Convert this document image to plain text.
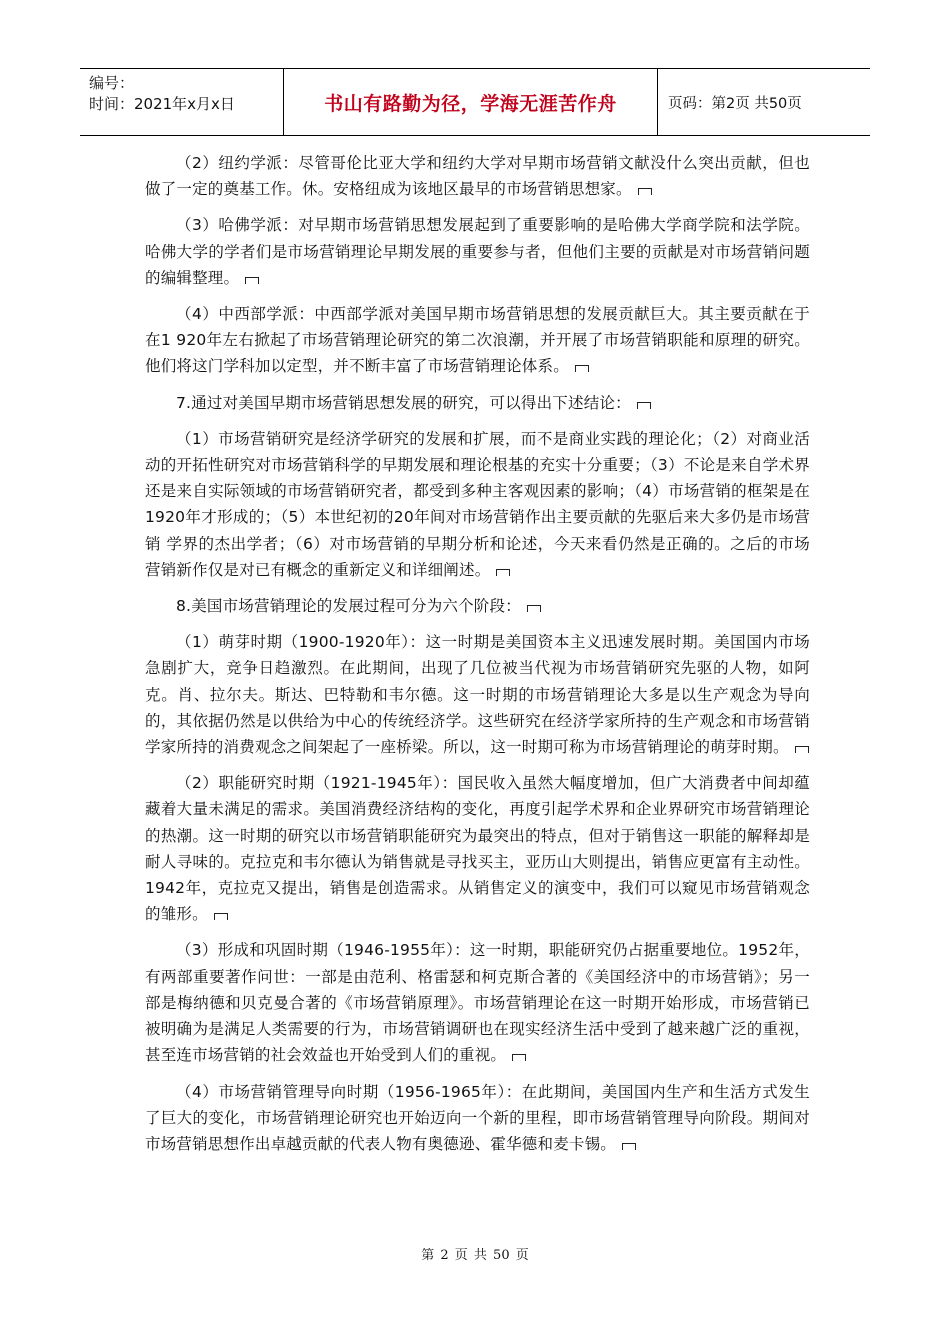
编号：
时间：2021年x月x日	书山有路勤为径，学海无涯苦作舟	页码：第2页 共50页

（2）纽约学派：尽管哥伦比亚大学和纽约大学对早期市场营销文献没什么突出贡献，但也做了一定的奠基工作。休。安格纽成为该地区最早的市场营销思想家。

（3）哈佛学派：对早期市场营销思想发展起到了重要影响的是哈佛大学商学院和法学院。哈佛大学的学者们是市场营销理论早期发展的重要参与者，但他们主要的贡献是对市场营销问题的编辑整理。

（4）中西部学派：中西部学派对美国早期市场营销思想的发展贡献巨大。其主要贡献在于在1 920年左右掀起了市场营销理论研究的第二次浪潮，并开展了市场营销职能和原理的研究。他们将这门学科加以定型，并不断丰富了市场营销理论体系。

7.通过对美国早期市场营销思想发展的研究，可以得出下述结论：

（1）市场营销研究是经济学研究的发展和扩展，而不是商业实践的理论化；（2）对商业活动的开拓性研究对市场营销科学的早期发展和理论根基的充实十分重要；（3）不论是来自学术界还是来自实际领域的市场营销研究者，都受到多种主客观因素的影响；（4）市场营销的框架是在1920年才形成的；（5）本世纪初的20年间对市场营销作出主要贡献的先驱后来大多仍是市场营销 学界的杰出学者；（6）对市场营销的早期分析和论述，今天来看仍然是正确的。之后的市场营销新作仅是对已有概念的重新定义和详细阐述。

8.美国市场营销理论的发展过程可分为六个阶段：

（1）萌芽时期（1900-1920年）：这一时期是美国资本主义迅速发展时期。美国国内市场急剧扩大，竞争日趋激烈。在此期间，出现了几位被当代视为市场营销研究先驱的人物，如阿克。肖、拉尔夫。斯达、巴特勒和韦尔德。这一时期的市场营销理论大多是以生产观念为导向的，其依据仍然是以供给为中心的传统经济学。这些研究在经济学家所持的生产观念和市场营销学家所持的消费观念之间架起了一座桥梁。所以，这一时期可称为市场营销理论的萌芽时期。

（2）职能研究时期（1921-1945年）：国民收入虽然大幅度增加，但广大消费者中间却蕴藏着大量未满足的需求。美国消费经济结构的变化，再度引起学术界和企业界研究市场营销理论的热潮。这一时期的研究以市场营销职能研究为最突出的特点，但对于销售这一职能的解释却是耐人寻味的。克拉克和韦尔德认为销售就是寻找买主，亚历山大则提出，销售应更富有主动性。1942年，克拉克又提出，销售是创造需求。从销售定义的演变中，我们可以窥见市场营销观念的雏形。

（3）形成和巩固时期（1946-1955年）：这一时期，职能研究仍占据重要地位。1952年，有两部重要著作问世：一部是由范利、格雷瑟和柯克斯合著的《美国经济中的市场营销》；另一部是梅纳德和贝克曼合著的《市场营销原理》。市场营销理论在这一时期开始形成，市场营销已被明确为是满足人类需要的行为，市场营销调研也在现实经济生活中受到了越来越广泛的重视，甚至连市场营销的社会效益也开始受到人们的重视。

（4）市场营销管理导向时期（1956-1965年）：在此期间，美国国内生产和生活方式发生了巨大的变化，市场营销理论研究也开始迈向一个新的里程，即市场营销管理导向阶段。期间对市场营销思想作出卓越贡献的代表人物有奥德逊、霍华德和麦卡锡。

第 2 页 共 50 页
